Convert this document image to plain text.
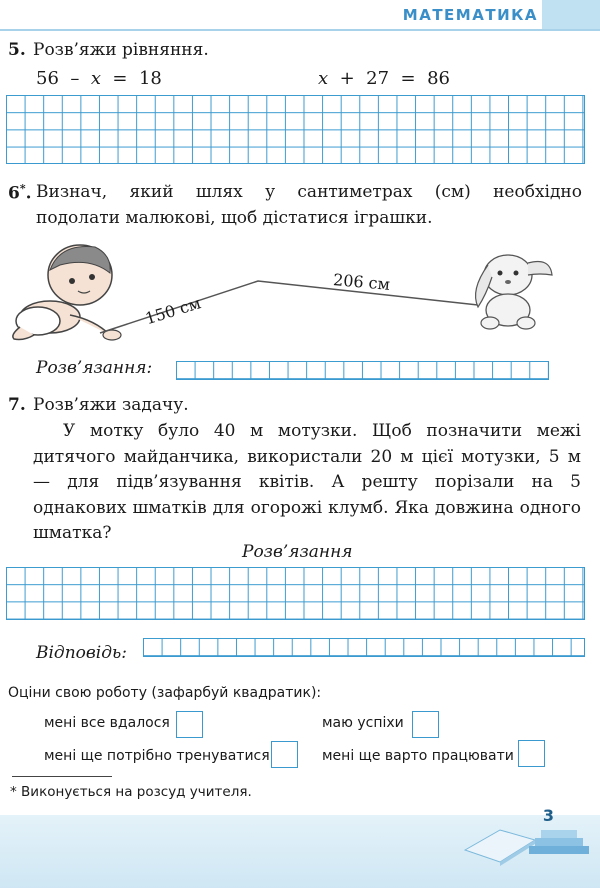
МАТЕМАТИКА
5. Розв’яжи рівняння.
56 – x = 18	x + 27 = 86
6*. Визнач, який шлях у сантиметрах (см) необхідно
подолати малюкові, щоб дістатися іграшки.
150 см
206 см
Розв’язання:
7. Розв’яжи задачу.
У мотку було 40 м мотузки. Щоб позначити межі дитячого майданчика, використали 20 м цієї мотузки, 5 м — для підв’язування квітів. А решту порізали на 5 однакових шматків для огорожі клумб. Яка довжина одного шматка?
Розв’язання
Відповідь:
Оціни свою роботу (зафарбуй квадратик):
мені все вдалося	маю успіхи
мені ще потрібно тренуватися	мені ще варто працювати
* Виконується на розсуд учителя.
3
